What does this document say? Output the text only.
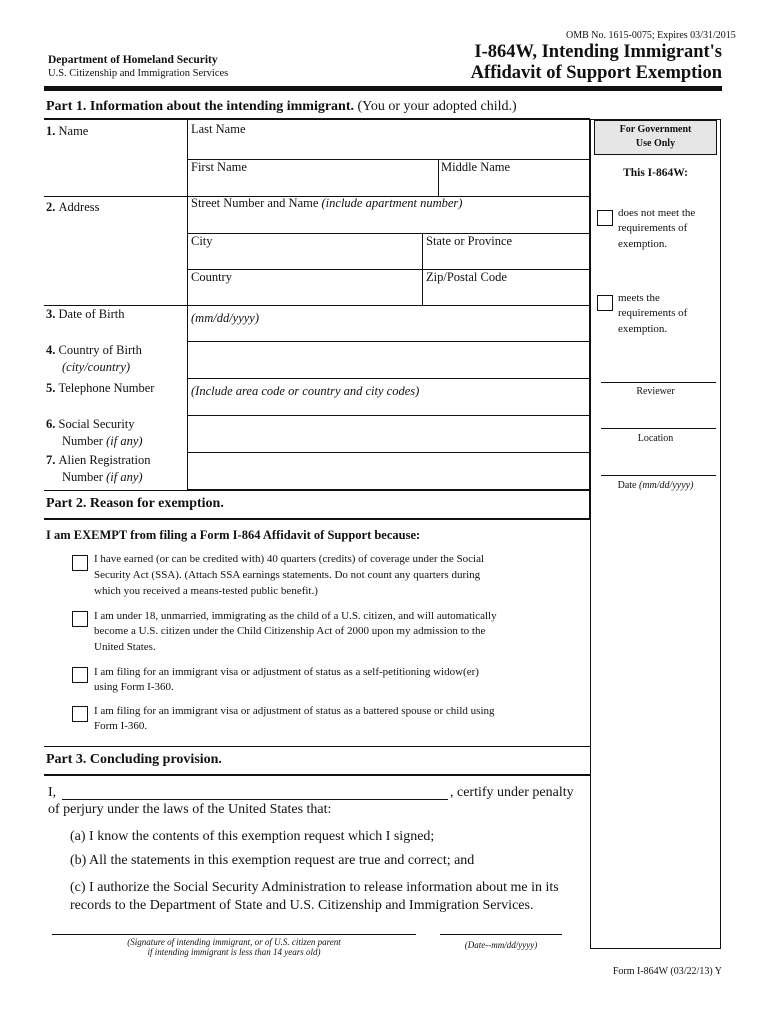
OMB No. 1615-0075; Expires 03/31/2015
Department of Homeland Security
U.S. Citizenship and Immigration Services
I-864W, Intending Immigrant's
Affidavit of Support Exemption
Part 1. Information about the intending immigrant. (You or your adopted child.)
1. Name	Last Name
First Name	Middle Name
2. Address	Street Number and Name (include apartment number)
City	State or Province
Country	Zip/Postal Code
3. Date of Birth	(mm/dd/yyyy)
4. Country of Birth
(city/country)
5. Telephone Number	(Include area code or country and city codes)
6. Social Security
Number (if any)
7. Alien Registration
Number (if any)
For Government
Use Only
This I-864W:
does not meet the
requirements of
exemption.
meets the
requirements of
exemption.
Reviewer
Location
Date (mm/dd/yyyy)
Part 2. Reason for exemption.
I am EXEMPT from filing a Form I-864 Affidavit of Support because:
I have earned (or can be credited with) 40 quarters (credits) of coverage under the Social
Security Act (SSA). (Attach SSA earnings statements. Do not count any quarters during
which you received a means-tested public benefit.)
I am under 18, unmarried, immigrating as the child of a U.S. citizen, and will automatically
become a U.S. citizen under the Child Citizenship Act of 2000 upon my admission to the
United States.
I am filing for an immigrant visa or adjustment of status as a self-petitioning widow(er)
using Form I-360.
I am filing for an immigrant visa or adjustment of status as a battered spouse or child using
Form I-360.
Part 3. Concluding provision.
I,	, certify under penalty
of perjury under the laws of the United States that:
(a) I know the contents of this exemption request which I signed;
(b) All the statements in this exemption request are true and correct; and
(c) I authorize the Social Security Administration to release information about me in its
records to the Department of State and U.S. Citizenship and Immigration Services.
(Signature of intending immigrant, or of U.S. citizen parent
if intending immigrant is less than 14 years old)
(Date--mm/dd/yyyy)
Form I-864W (03/22/13) Y
